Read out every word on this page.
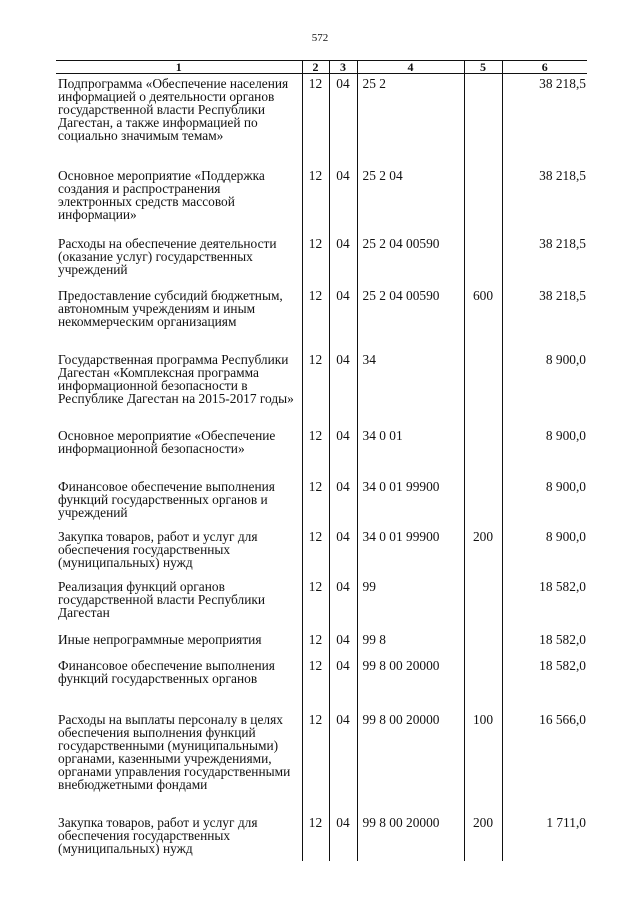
572
1	2	3	4	5	6
Подпрограмма «Обеспечение населения информацией о деятельности органов государственной власти Республики Дагестан, а также информацией по социально значимым темам»	12	04	25 2		38 218,5
Основное мероприятие «Поддержка создания и распространения электронных средств массовой информации»	12	04	25 2 04		38 218,5
Расходы на обеспечение деятельности (оказание услуг) государственных учреждений	12	04	25 2 04 00590		38 218,5
Предоставление субсидий бюджетным, автономным учреждениям и иным некоммерческим организациям	12	04	25 2 04 00590	600	38 218,5
Государственная программа Республики Дагестан «Комплексная программа информационной безопасности в Республике Дагестан на 2015-2017 годы»	12	04	34		8 900,0
Основное мероприятие «Обеспечение информационной безопасности»	12	04	34 0 01		8 900,0
Финансовое обеспечение выполнения функций государственных органов и учреждений	12	04	34 0 01 99900		8 900,0
Закупка товаров, работ и услуг для обеспечения государственных (муниципальных) нужд	12	04	34 0 01 99900	200	8 900,0
Реализация функций органов государственной власти Республики Дагестан	12	04	99		18 582,0
Иные непрограммные мероприятия	12	04	99 8		18 582,0
Финансовое обеспечение выполнения функций государственных органов	12	04	99 8 00 20000		18 582,0
Расходы на выплаты персоналу в целях обеспечения выполнения функций государственными (муниципальными) органами, казенными учреждениями, органами управления государственными внебюджетными фондами	12	04	99 8 00 20000	100	16 566,0
Закупка товаров, работ и услуг для обеспечения государственных (муниципальных) нужд	12	04	99 8 00 20000	200	1 711,0
